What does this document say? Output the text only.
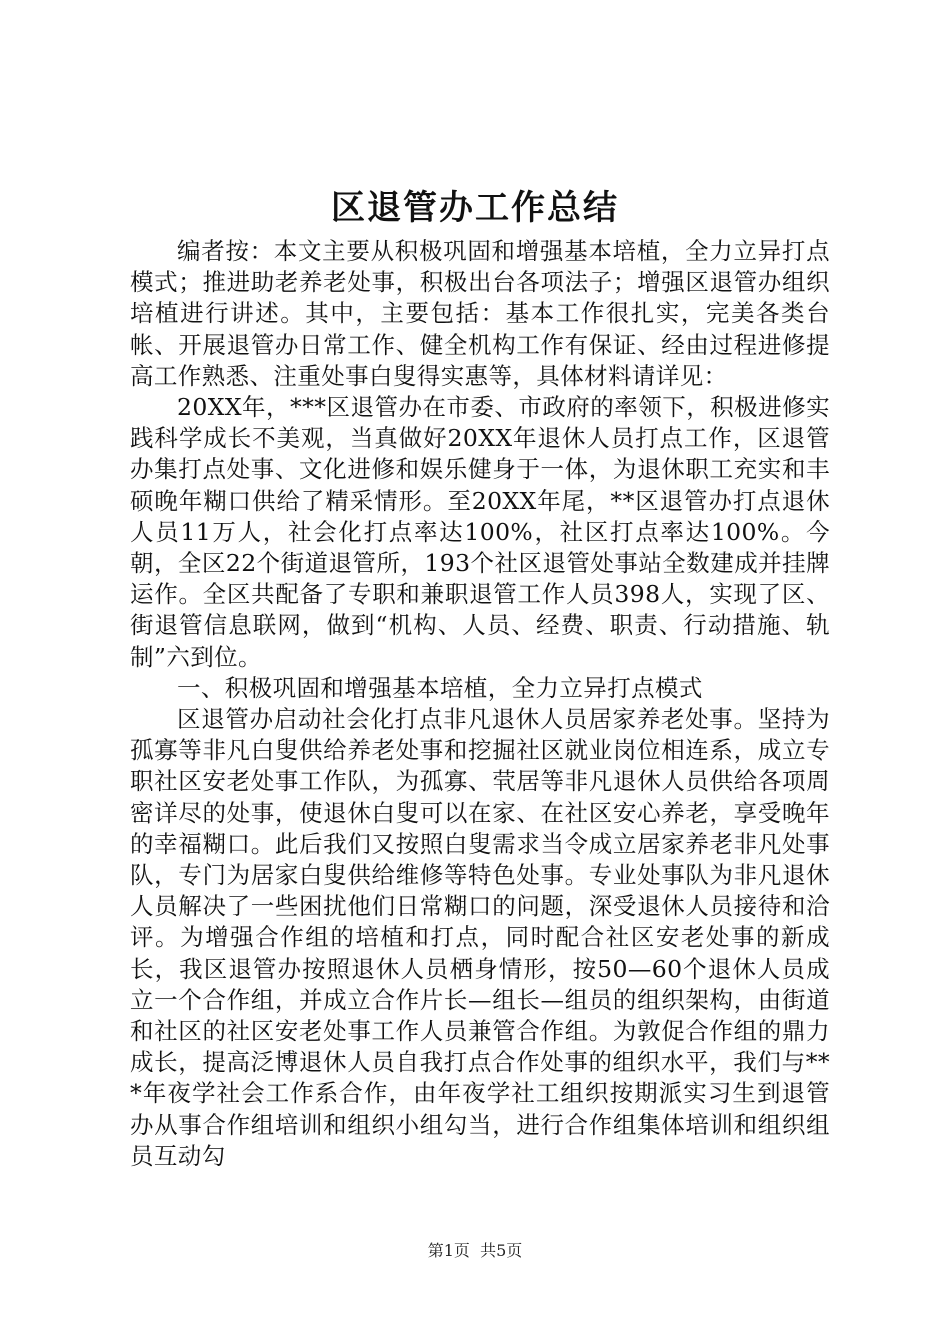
区退管办工作总结

编者按：本文主要从积极巩固和增强基本培植，全力立异打点模式；推进助老养老处事，积极出台各项法子；增强区退管办组织培植进行讲述。其中，主要包括：基本工作很扎实，完美各类台帐、开展退管办日常工作、健全机构工作有保证、经由过程进修提高工作熟悉、注重处事白叟得实惠等，具体材料请详见：

20XX年，***区退管办在市委、市政府的率领下，积极进修实践科学成长不美观，当真做好20XX年退休人员打点工作，区退管办集打点处事、文化进修和娱乐健身于一体，为退休职工充实和丰硕晚年糊口供给了精采情形。至20XX年尾，**区退管办打点退休人员11万人，社会化打点率达100%，社区打点率达100%。今朝，全区22个街道退管所，193个社区退管处事站全数建成并挂牌运作。全区共配备了专职和兼职退管工作人员398人，实现了区、街退管信息联网，做到“机构、人员、经费、职责、行动措施、轨制”六到位。

一、积极巩固和增强基本培植，全力立异打点模式

区退管办启动社会化打点非凡退休人员居家养老处事。坚持为孤寡等非凡白叟供给养老处事和挖掘社区就业岗位相连系，成立专职社区安老处事工作队，为孤寡、茕居等非凡退休人员供给各项周密详尽的处事，使退休白叟可以在家、在社区安心养老，享受晚年的幸福糊口。此后我们又按照白叟需求当令成立居家养老非凡处事队，专门为居家白叟供给维修等特色处事。专业处事队为非凡退休人员解决了一些困扰他们日常糊口的问题，深受退休人员接待和洽评。为增强合作组的培植和打点，同时配合社区安老处事的新成长，我区退管办按照退休人员栖身情形，按50—60个退休人员成立一个合作组，并成立合作片长—组长—组员的组织架构，由街道和社区的社区安老处事工作人员兼管合作组。为敦促合作组的鼎力成长，提高泛博退休人员自我打点合作处事的组织水平，我们与***年夜学社会工作系合作，由年夜学社工组织按期派实习生到退管办从事合作组培训和组织小组勾当，进行合作组集体培训和组织组员互动勾

第1页 共5页
